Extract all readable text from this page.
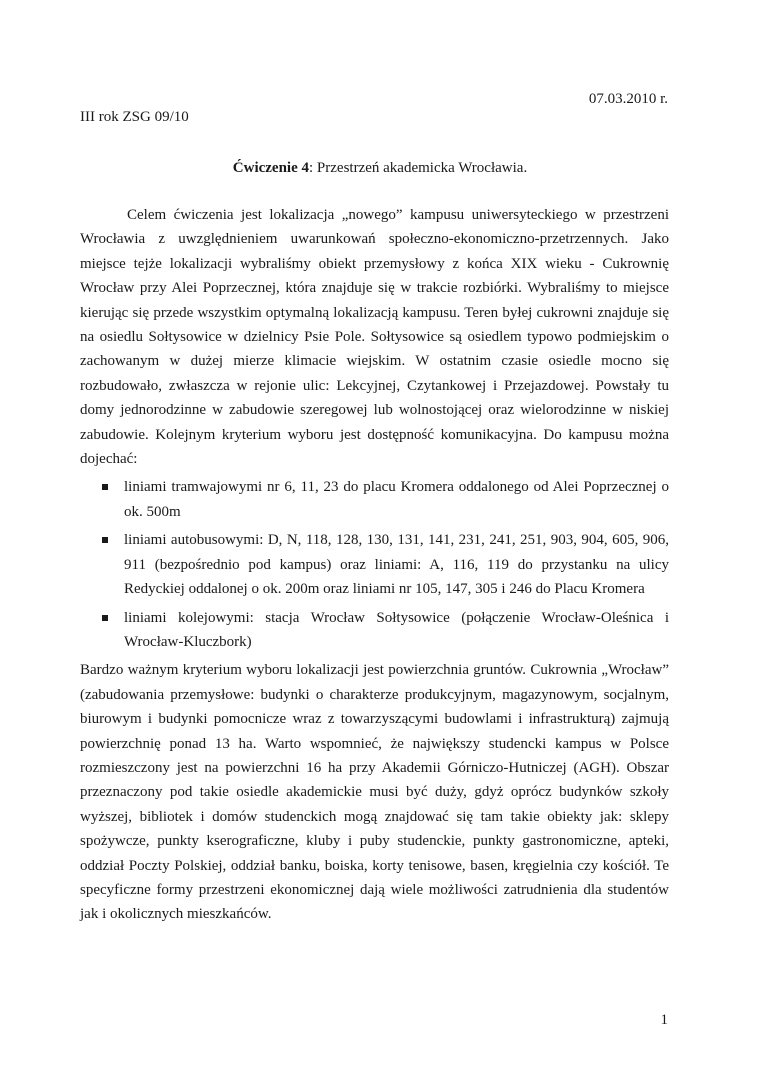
07.03.2010 r.
III rok ZSG 09/10
Ćwiczenie 4: Przestrzeń akademicka Wrocławia.

Celem ćwiczenia jest lokalizacja „nowego” kampusu uniwersyteckiego w przestrzeni Wrocławia z uwzględnieniem uwarunkowań społeczno-ekonomiczno-przetrzennych. Jako miejsce tejże lokalizacji wybraliśmy obiekt przemysłowy z końca XIX wieku - Cukrownię Wrocław przy Alei Poprzecznej, która znajduje się w trakcie rozbiórki. Wybraliśmy to miejsce kierując się przede wszystkim optymalną lokalizacją kampusu. Teren byłej cukrowni znajduje się na osiedlu Sołtysowice w dzielnicy Psie Pole. Sołtysowice są osiedlem typowo podmiejskim o zachowanym w dużej mierze klimacie wiejskim. W ostatnim czasie osiedle mocno się rozbudowało, zwłaszcza w rejonie ulic: Lekcyjnej, Czytankowej i Przejazdowej. Powstały tu domy jednorodzinne w zabudowie szeregowej lub wolnostojącej oraz wielorodzinne w niskiej zabudowie. Kolejnym kryterium wyboru jest dostępność komunikacyjna. Do kampusu można dojechać:

liniami tramwajowymi nr 6, 11, 23 do placu Kromera oddalonego od Alei Poprzecznej o ok. 500m
liniami autobusowymi: D, N, 118, 128, 130, 131, 141, 231, 241, 251, 903, 904, 605, 906, 911 (bezpośrednio pod kampus) oraz liniami: A, 116, 119 do przystanku na ulicy Redyckiej oddalonej o ok. 200m oraz liniami nr 105, 147, 305 i 246 do Placu Kromera
liniami kolejowymi: stacja Wrocław Sołtysowice (połączenie Wrocław-Oleśnica i Wrocław-Kluczbork)

Bardzo ważnym kryterium wyboru lokalizacji jest powierzchnia gruntów. Cukrownia „Wrocław” (zabudowania przemysłowe: budynki o charakterze produkcyjnym, magazynowym, socjalnym, biurowym i budynki pomocnicze wraz z towarzyszącymi budowlami i infrastrukturą) zajmują powierzchnię ponad 13 ha. Warto wspomnieć, że największy studencki kampus w Polsce rozmieszczony jest na powierzchni 16 ha przy Akademii Górniczo-Hutniczej (AGH). Obszar przeznaczony pod takie osiedle akademickie musi być duży, gdyż oprócz budynków szkoły wyższej, bibliotek i domów studenckich mogą znajdować się tam takie obiekty jak: sklepy spożywcze, punkty kserograficzne, kluby i puby studenckie, punkty gastronomiczne, apteki, oddział Poczty Polskiej, oddział banku, boiska, korty tenisowe, basen, kręgielnia czy kościół. Te specyficzne formy przestrzeni ekonomicznej dają wiele możliwości zatrudnienia dla studentów jak i okolicznych mieszkańców.

1
